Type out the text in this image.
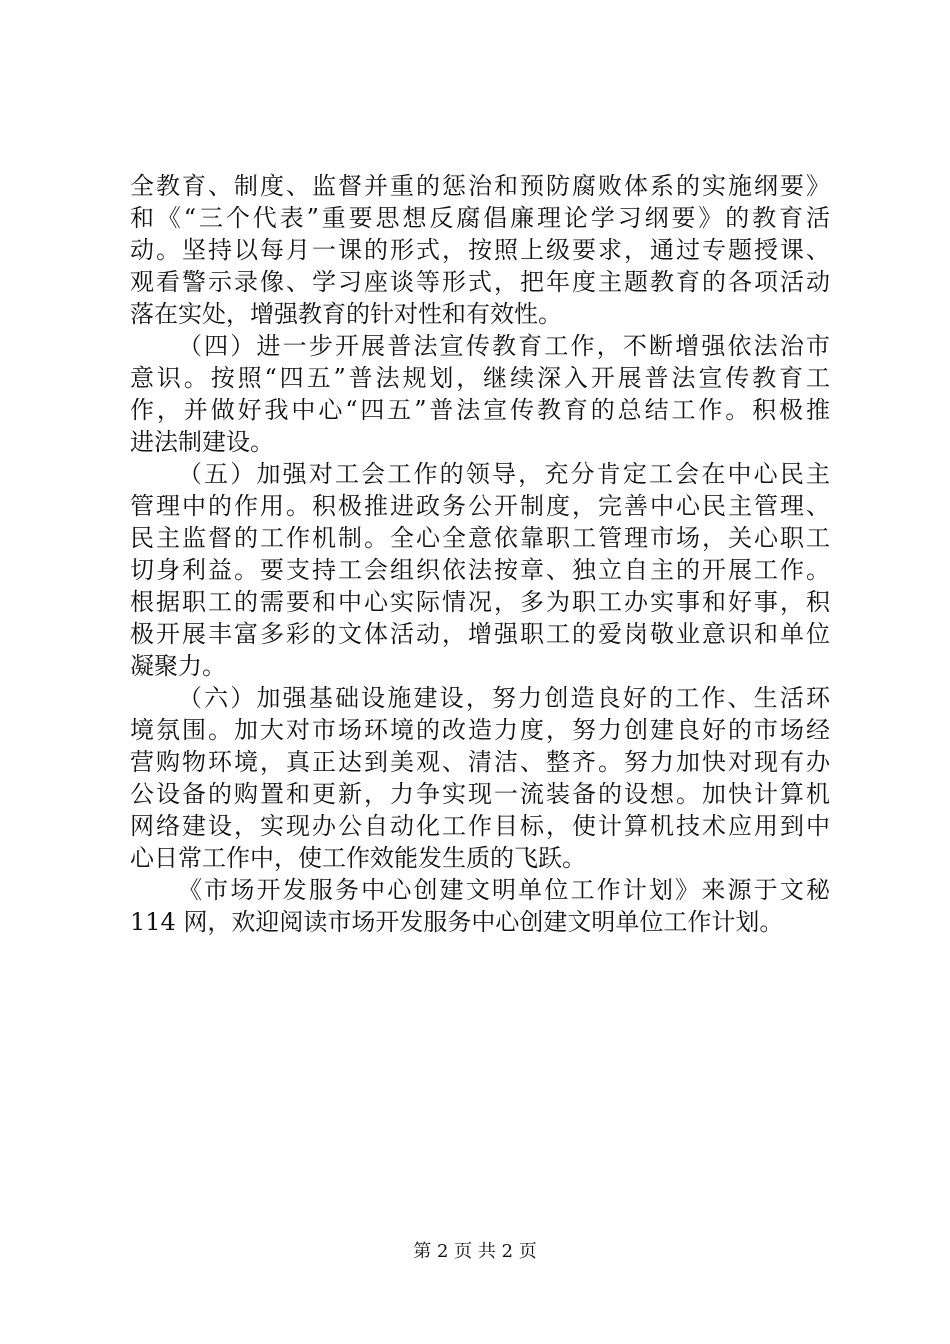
全教育、制度、监督并重的惩治和预防腐败体系的实施纲要》

和《“三个代表”重要思想反腐倡廉理论学习纲要》的教育活

动。坚持以每月一课的形式，按照上级要求，通过专题授课、

观看警示录像、学习座谈等形式，把年度主题教育的各项活动

落在实处，增强教育的针对性和有效性。

（四）进一步开展普法宣传教育工作，不断增强依法治市

意识。按照“四五”普法规划，继续深入开展普法宣传教育工

作，并做好我中心“四五”普法宣传教育的总结工作。积极推

进法制建设。

（五）加强对工会工作的领导，充分肯定工会在中心民主

管理中的作用。积极推进政务公开制度，完善中心民主管理、

民主监督的工作机制。全心全意依靠职工管理市场，关心职工

切身利益。要支持工会组织依法按章、独立自主的开展工作。

根据职工的需要和中心实际情况，多为职工办实事和好事，积

极开展丰富多彩的文体活动，增强职工的爱岗敬业意识和单位

凝聚力。

（六）加强基础设施建设，努力创造良好的工作、生活环

境氛围。加大对市场环境的改造力度，努力创建良好的市场经

营购物环境，真正达到美观、清洁、整齐。努力加快对现有办

公设备的购置和更新，力争实现一流装备的设想。加快计算机

网络建设，实现办公自动化工作目标，使计算机技术应用到中

心日常工作中，使工作效能发生质的飞跃。

《市场开发服务中心创建文明单位工作计划》来源于文秘

114 网，欢迎阅读市场开发服务中心创建文明单位工作计划。

第 2 页 共 2 页
